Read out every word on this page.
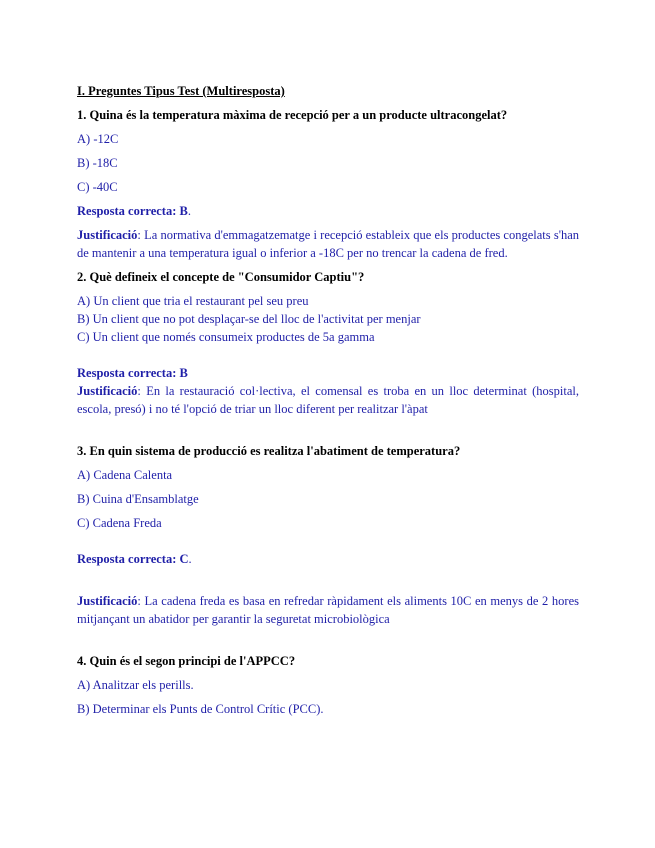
I. Preguntes Tipus Test (Multiresposta)

1. Quina és la temperatura màxima de recepció per a un producte ultracongelat?

A) -12C

B) -18C

C) -40C

Resposta correcta: B.

Justificació: La normativa d'emmagatzematge i recepció estableix que els productes congelats s'han de mantenir a una temperatura igual o inferior a -18C per no trencar la cadena de fred.

2. Què defineix el concepte de "Consumidor Captiu"?

A) Un client que tria el restaurant pel seu preu

B) Un client que no pot desplaçar-se del lloc de l'activitat per menjar

C) Un client que només consumeix productes de 5a gamma

Resposta correcta: B

Justificació: En la restauració col·lectiva, el comensal es troba en un lloc determinat (hospital, escola, presó) i no té l'opció de triar un lloc diferent per realitzar l'àpat

3. En quin sistema de producció es realitza l'abatiment de temperatura?

A) Cadena Calenta

B) Cuina d'Ensamblatge

C) Cadena Freda

Resposta correcta: C.

Justificació: La cadena freda es basa en refredar ràpidament els aliments 10C en menys de 2 hores mitjançant un abatidor per garantir la seguretat microbiològica

4. Quin és el segon principi de l'APPCC?

A) Analitzar els perills.

B) Determinar els Punts de Control Crític (PCC).
